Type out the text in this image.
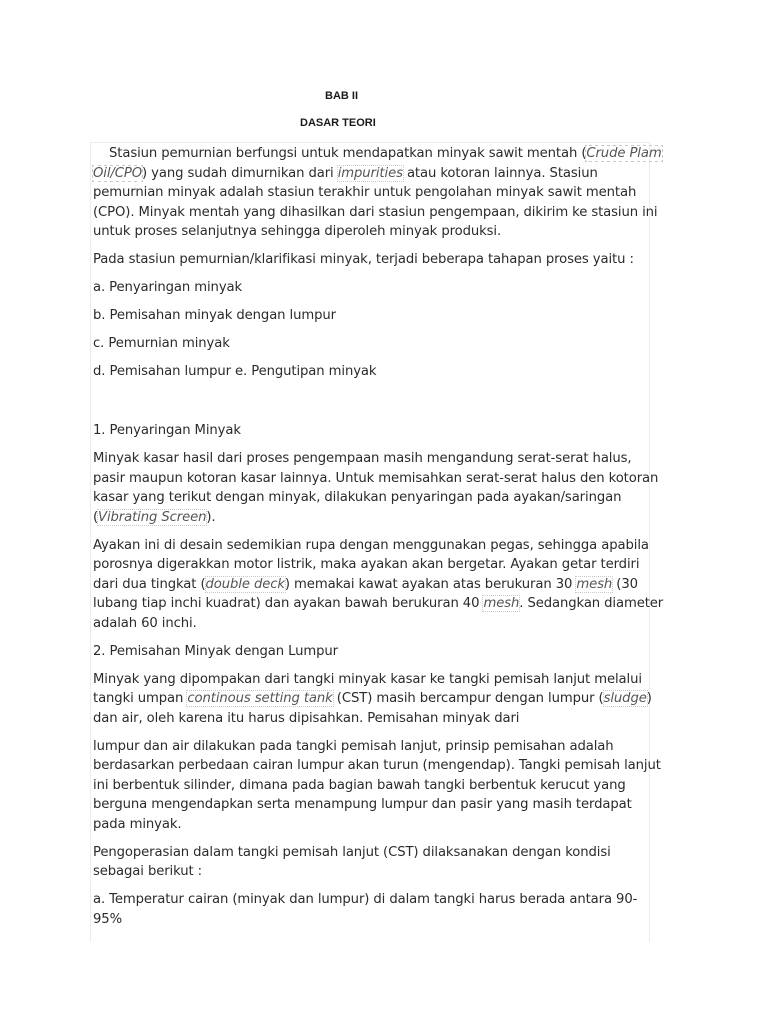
BAB II
DASAR TEORI

Stasiun pemurnian berfungsi untuk mendapatkan minyak sawit mentah (Crude Plam Oil/CPO) yang sudah dimurnikan dari impurities atau kotoran lainnya. Stasiun pemurnian minyak adalah stasiun terakhir untuk pengolahan minyak sawit mentah (CPO). Minyak mentah yang dihasilkan dari stasiun pengempaan, dikirim ke stasiun ini untuk proses selanjutnya sehingga diperoleh minyak produksi.

Pada stasiun pemurnian/klarifikasi minyak, terjadi beberapa tahapan proses yaitu :

a. Penyaringan minyak

b. Pemisahan minyak dengan lumpur

c. Pemurnian minyak

d. Pemisahan lumpur e. Pengutipan minyak

1. Penyaringan Minyak

Minyak kasar hasil dari proses pengempaan masih mengandung serat-serat halus, pasir maupun kotoran kasar lainnya. Untuk memisahkan serat-serat halus den kotoran kasar yang terikut dengan minyak, dilakukan penyaringan pada ayakan/saringan (Vibrating Screen).

Ayakan ini di desain sedemikian rupa dengan menggunakan pegas, sehingga apabila porosnya digerakkan motor listrik, maka ayakan akan bergetar. Ayakan getar terdiri dari dua tingkat (double deck) memakai kawat ayakan atas berukuran 30 mesh (30 lubang tiap inchi kuadrat) dan ayakan bawah berukuran 40 mesh. Sedangkan diameter adalah 60 inchi.

2. Pemisahan Minyak dengan Lumpur

Minyak yang dipompakan dari tangki minyak kasar ke tangki pemisah lanjut melalui tangki umpan continous setting tank (CST) masih bercampur dengan lumpur (sludge) dan air, oleh karena itu harus dipisahkan. Pemisahan minyak dari

lumpur dan air dilakukan pada tangki pemisah lanjut, prinsip pemisahan adalah berdasarkan perbedaan cairan lumpur akan turun (mengendap). Tangki pemisah lanjut ini berbentuk silinder, dimana pada bagian bawah tangki berbentuk kerucut yang berguna mengendapkan serta menampung lumpur dan pasir yang masih terdapat pada minyak.

Pengoperasian dalam tangki pemisah lanjut (CST) dilaksanakan dengan kondisi sebagai berikut :

a. Temperatur cairan (minyak dan lumpur) di dalam tangki harus berada antara 90-95%
